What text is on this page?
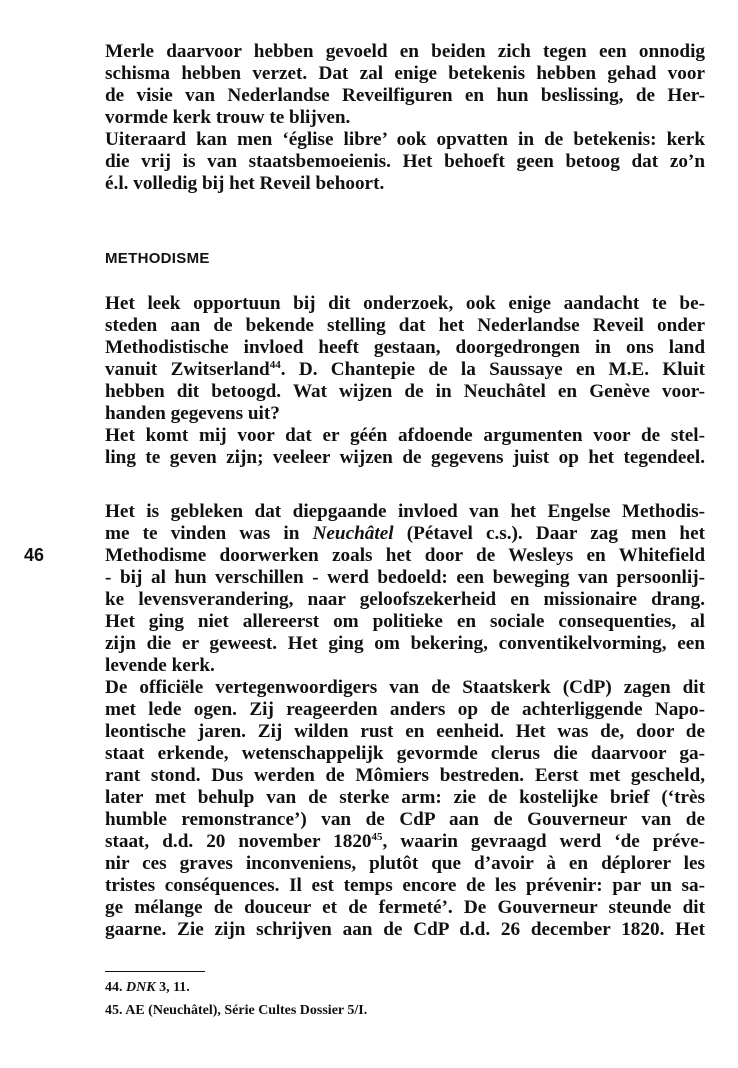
46
Merle daarvoor hebben gevoeld en beiden zich tegen een onnodig
schisma hebben verzet. Dat zal enige betekenis hebben gehad voor
de visie van Nederlandse Reveilfiguren en hun beslissing, de Her-
vormde kerk trouw te blijven.
Uiteraard kan men ‘église libre’ ook opvatten in de betekenis: kerk
die vrij is van staatsbemoeienis. Het behoeft geen betoog dat zo’n
é.l. volledig bij het Reveil behoort.
METHODISME
Het leek opportuun bij dit onderzoek, ook enige aandacht te be-
steden aan de bekende stelling dat het Nederlandse Reveil onder
Methodistische invloed heeft gestaan, doorgedrongen in ons land
vanuit Zwitserland$^{44}$. D. Chantepie de la Saussaye en M.E. Kluit
hebben dit betoogd. Wat wijzen de in Neuchâtel en Genève voor-
handen gegevens uit?
Het komt mij voor dat er géén afdoende argumenten voor de stel-
ling te geven zijn; veeleer wijzen de gegevens juist op het tegendeel.
Het is gebleken dat diepgaande invloed van het Engelse Methodis-
me te vinden was in Neuchâtel (Pétavel c.s.). Daar zag men het
Methodisme doorwerken zoals het door de Wesleys en Whitefield
- bij al hun verschillen - werd bedoeld: een beweging van persoonlij-
ke levensverandering, naar geloofszekerheid en missionaire drang.
Het ging niet allereerst om politieke en sociale consequenties, al
zijn die er geweest. Het ging om bekering, conventikelvorming, een
levende kerk.
De officiële vertegenwoordigers van de Staatskerk (CdP) zagen dit
met lede ogen. Zij reageerden anders op de achterliggende Napo-
leontische jaren. Zij wilden rust en eenheid. Het was de, door de
staat erkende, wetenschappelijk gevormde clerus die daarvoor ga-
rant stond. Dus werden de Mômiers bestreden. Eerst met gescheld,
later met behulp van de sterke arm: zie de kostelijke brief (‘très
humble remonstrance’) van de CdP aan de Gouverneur van de
staat, d.d. 20 november 1820$^{45}$, waarin gevraagd werd ‘de préve-
nir ces graves inconveniens, plutôt que d’avoir à en déplorer les
tristes conséquences. Il est temps encore de les prévenir: par un sa-
ge mélange de douceur et de fermeté’. De Gouverneur steunde dit
gaarne. Zie zijn schrijven aan de CdP d.d. 26 december 1820. Het
44. DNK 3, 11.
45. AE (Neuchâtel), Série Cultes Dossier 5/I.
